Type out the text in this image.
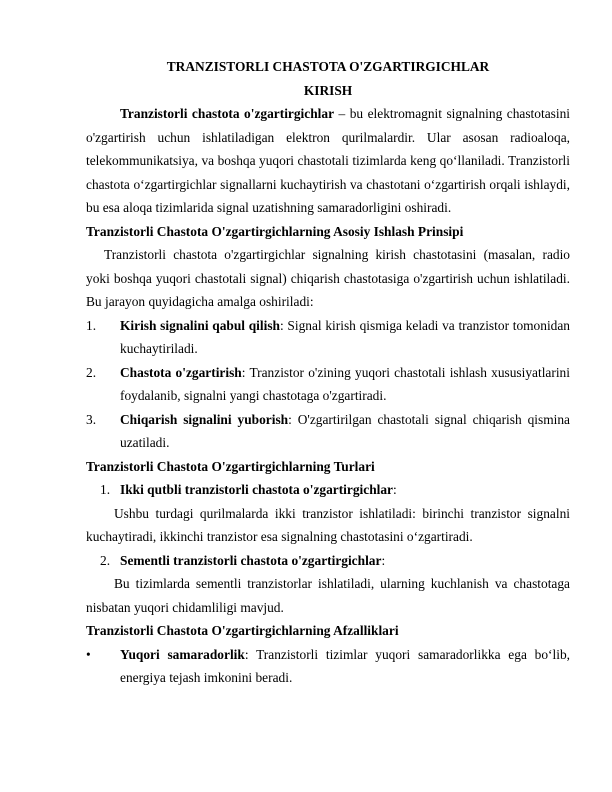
TRANZISTORLI CHASTOTA O'ZGARTIRGICHLAR

KIRISH

Tranzistorli chastota o'zgartirgichlar – bu elektromagnit signalning chastotasini o'zgartirish uchun ishlatiladigan elektron qurilmalardir. Ular asosan radioaloqa, telekommunikatsiya, va boshqa yuqori chastotali tizimlarda keng qo‘llaniladi. Tranzistorli chastota o‘zgartirgichlar signallarni kuchaytirish va chastotani o‘zgartirish orqali ishlaydi, bu esa aloqa tizimlarida signal uzatishning samaradorligini oshiradi.

Tranzistorli Chastota O'zgartirgichlarning Asosiy Ishlash Prinsipi

Tranzistorli chastota o'zgartirgichlar signalning kirish chastotasini (masalan, radio yoki boshqa yuqori chastotali signal) chiqarish chastotasiga o'zgartirish uchun ishlatiladi. Bu jarayon quyidagicha amalga oshiriladi:

1.	Kirish signalini qabul qilish: Signal kirish qismiga keladi va tranzistor tomonidan kuchaytiriladi.
2.	Chastota o'zgartirish: Tranzistor o'zining yuqori chastotali ishlash xususiyatlarini foydalanib, signalni yangi chastotaga o'zgartiradi.
3.	Chiqarish signalini yuborish: O'zgartirilgan chastotali signal chiqarish qismina uzatiladi.
Tranzistorli Chastota O'zgartirgichlarning Turlari
1. Ikki qutbli tranzistorli chastota o'zgartirgichlar:

Ushbu turdagi qurilmalarda ikki tranzistor ishlatiladi: birinchi tranzistor signalni kuchaytiradi, ikkinchi tranzistor esa signalning chastotasini o‘zgartiradi.

2. Sementli tranzistorli chastota o'zgartirgichlar:

Bu tizimlarda sementli tranzistorlar ishlatiladi, ularning kuchlanish va chastotaga nisbatan yuqori chidamliligi mavjud.

Tranzistorli Chastota O'zgartirgichlarning Afzalliklari
•	Yuqori samaradorlik: Tranzistorli tizimlar yuqori samaradorlikka ega bo‘lib, energiya tejash imkonini beradi.
